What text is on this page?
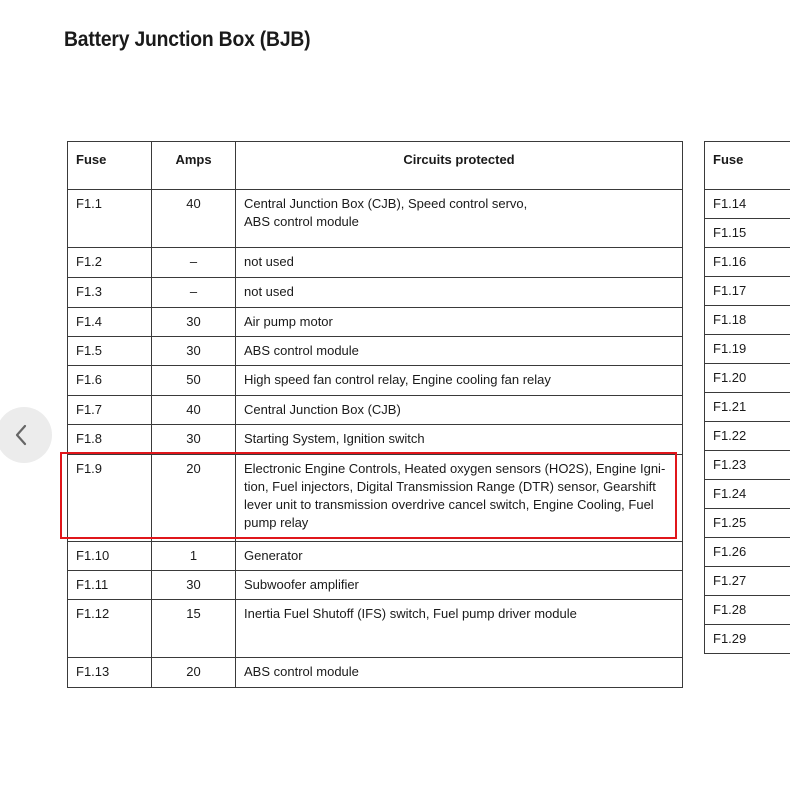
Battery Junction Box (BJB)
Fuse	Amps	Circuits protected
F1.1	40	Central Junction Box (CJB), Speed control servo,
ABS control module
F1.2	–	not used
F1.3	–	not used
F1.4	30	Air pump motor
F1.5	30	ABS control module
F1.6	50	High speed fan control relay, Engine cooling fan relay
F1.7	40	Central Junction Box (CJB)
F1.8	30	Starting System, Ignition switch
F1.9	20	Electronic Engine Controls, Heated oxygen sensors (HO2S), Engine Igni-
tion, Fuel injectors, Digital Transmission Range (DTR) sensor, Gearshift
lever unit to transmission overdrive cancel switch, Engine Cooling, Fuel
pump relay
F1.10	1	Generator
F1.11	30	Subwoofer amplifier
F1.12	15	Inertia Fuel Shutoff (IFS) switch, Fuel pump driver module
F1.13	20	ABS control module
Fuse	
F1.14	
F1.15	
F1.16	
F1.17	
F1.18	
F1.19	
F1.20	
F1.21	
F1.22	
F1.23	
F1.24	
F1.25	
F1.26	
F1.27	
F1.28	
F1.29	
